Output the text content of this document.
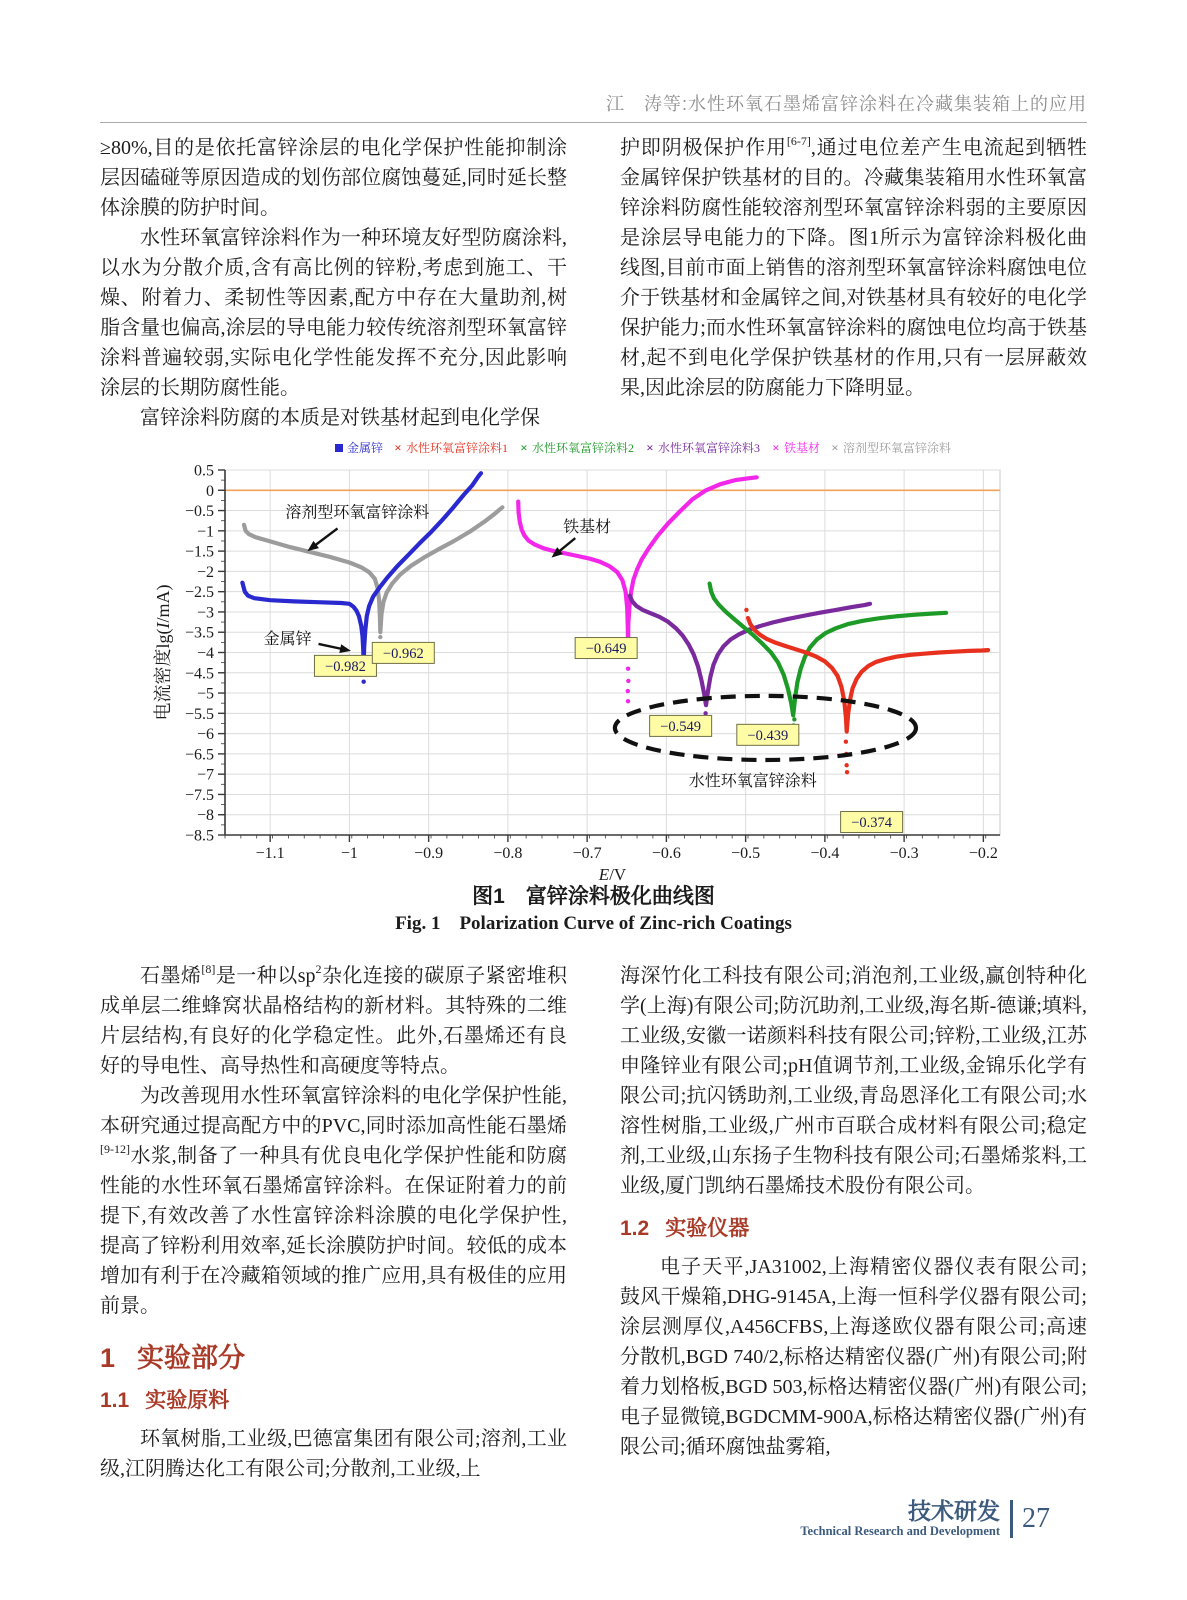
江　涛等:水性环氧石墨烯富锌涂料在冷藏集装箱上的应用

≥80%,目的是依托富锌涂层的电化学保护性能抑制涂层因磕碰等原因造成的划伤部位腐蚀蔓延,同时延长整体涂膜的防护时间。

水性环氧富锌涂料作为一种环境友好型防腐涂料,以水为分散介质,含有高比例的锌粉,考虑到施工、干燥、附着力、柔韧性等因素,配方中存在大量助剂,树脂含量也偏高,涂层的导电能力较传统溶剂型环氧富锌涂料普遍较弱,实际电化学性能发挥不充分,因此影响涂层的长期防腐性能。

富锌涂料防腐的本质是对铁基材起到电化学保

护即阴极保护作用[6-7],通过电位差产生电流起到牺牲金属锌保护铁基材的目的。冷藏集装箱用水性环氧富锌涂料防腐性能较溶剂型环氧富锌涂料弱的主要原因是涂层导电能力的下降。图1所示为富锌涂料极化曲线图,目前市面上销售的溶剂型环氧富锌涂料腐蚀电位介于铁基材和金属锌之间,对铁基材具有较好的电化学保护能力;而水性环氧富锌涂料的腐蚀电位均高于铁基材,起不到电化学保护铁基材的作用,只有一层屏蔽效果,因此涂层的防腐能力下降明显。

−1.1	−1	−0.9	−0.8	−0.7	−0.6	−0.5	−0.4	−0.3	−0.2
0.5
0
−0.5
−1
−1.5
−2
−2.5
−3
−3.5
−4
−4.5
−5
−5.5
−6
−6.5
−7
−7.5
−8
−8.5
E/V
电流密度lg(I/mA)
−0.982
−0.962	−0.649
−0.549
−0.439
−0.374
溶剂型环氧富锌涂料
金属锌
铁基材
水性环氧富锌涂料
金属锌 × 水性环氧富锌涂料1 × 水性环氧富锌涂料2 × 水性环氧富锌涂料3 × 铁基材 × 溶剂型环氧富锌涂料
图1　富锌涂料极化曲线图
Fig. 1　Polarization Curve of Zinc-rich Coatings

石墨烯[8]是一种以$sp^2$杂化连接的碳原子紧密堆积成单层二维蜂窝状晶格结构的新材料。其特殊的二维片层结构,有良好的化学稳定性。此外,石墨烯还有良好的导电性、高导热性和高硬度等特点。

为改善现用水性环氧富锌涂料的电化学保护性能,本研究通过提高配方中的PVC,同时添加高性能石墨烯[9-12]水浆,制备了一种具有优良电化学保护性能和防腐性能的水性环氧石墨烯富锌涂料。在保证附着力的前提下,有效改善了水性富锌涂料涂膜的电化学保护性,提高了锌粉利用效率,延长涂膜防护时间。较低的成本增加有利于在冷藏箱领域的推广应用,具有极佳的应用前景。

1 实验部分
1.1 实验原料

环氧树脂,工业级,巴德富集团有限公司;溶剂,工业级,江阴腾达化工有限公司;分散剂,工业级,上

海深竹化工科技有限公司;消泡剂,工业级,赢创特种化学(上海)有限公司;防沉助剂,工业级,海名斯-德谦;填料,工业级,安徽一诺颜料科技有限公司;锌粉,工业级,江苏申隆锌业有限公司;pH值调节剂,工业级,金锦乐化学有限公司;抗闪锈助剂,工业级,青岛恩泽化工有限公司;水溶性树脂,工业级,广州市百联合成材料有限公司;稳定剂,工业级,山东扬子生物科技有限公司;石墨烯浆料,工业级,厦门凯纳石墨烯技术股份有限公司。

1.2 实验仪器

电子天平,JA31002,上海精密仪器仪表有限公司;鼓风干燥箱,DHG-9145A,上海一恒科学仪器有限公司;涂层测厚仪,A456CFBS,上海遂欧仪器有限公司;高速分散机,BGD 740/2,标格达精密仪器(广州)有限公司;附着力划格板,BGD 503,标格达精密仪器(广州)有限公司;电子显微镜,BGDCMM-900A,标格达精密仪器(广州)有限公司;循环腐蚀盐雾箱,

技术研发
Technical Research and Development 27
